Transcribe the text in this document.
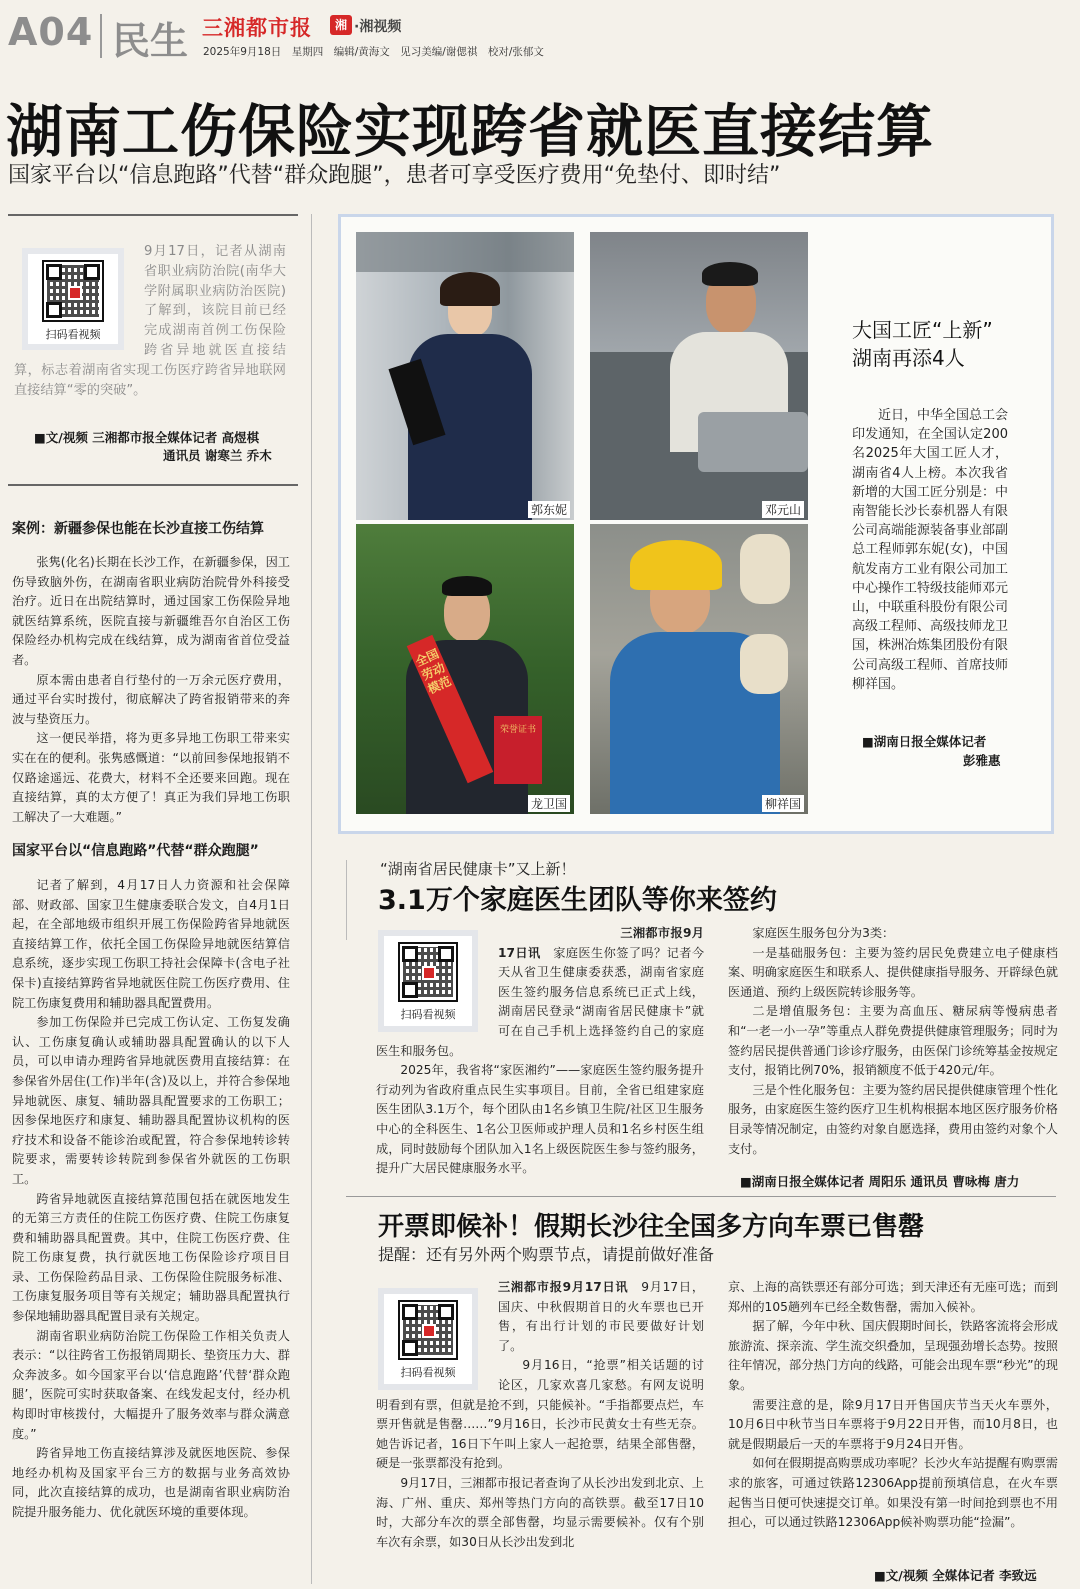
A04 民生 三湘都市报	湘 ·湘视频
2025年9月18日　星期四　编辑/黄海文　见习美编/谢偲祺　校对/张郁文
湖南工伤保险实现跨省就医直接结算
国家平台以“信息跑路”代替“群众跑腿”，患者可享受医疗费用“免垫付、即时结”
扫码看视频
9月17日，记者从湖南省职业病防治院(南华大学附属职业病防治医院)了解到，该院目前已经完成湖南首例工伤保险跨省异地就医直接结算，标志着湖南省实现工伤医疗跨省异地联网直接结算“零的突破”。
■文/视频 三湘都市报全媒体记者 高煜棋
通讯员 谢寒兰 乔木
案例：新疆参保也能在长沙直接工伤结算

张隽(化名)长期在长沙工作，在新疆参保，因工伤导致脑外伤，在湖南省职业病防治院骨外科接受治疗。近日在出院结算时，通过国家工伤保险异地就医结算系统，医院直接与新疆维吾尔自治区工伤保险经办机构完成在线结算，成为湖南省首位受益者。

原本需由患者自行垫付的一万余元医疗费用，通过平台实时拨付，彻底解决了跨省报销带来的奔波与垫资压力。

这一便民举措，将为更多异地工伤职工带来实实在在的便利。张隽感慨道：“以前回参保地报销不仅路途遥远、花费大，材料不全还要来回跑。现在直接结算，真的太方便了！真正为我们异地工伤职工解决了一大难题。”

国家平台以“信息跑路”代替“群众跑腿”

记者了解到，4月17日人力资源和社会保障部、财政部、国家卫生健康委联合发文，自4月1日起，在全部地级市组织开展工伤保险跨省异地就医直接结算工作，依托全国工伤保险异地就医结算信息系统，逐步实现工伤职工持社会保障卡(含电子社保卡)直接结算跨省异地就医住院工伤医疗费用、住院工伤康复费用和辅助器具配置费用。

参加工伤保险并已完成工伤认定、工伤复发确认、工伤康复确认或辅助器具配置确认的以下人员，可以申请办理跨省异地就医费用直接结算：在参保省外居住(工作)半年(含)及以上，并符合参保地异地就医、康复、辅助器具配置要求的工伤职工；因参保地医疗和康复、辅助器具配置协议机构的医疗技术和设备不能诊治或配置，符合参保地转诊转院要求，需要转诊转院到参保省外就医的工伤职工。

跨省异地就医直接结算范围包括在就医地发生的无第三方责任的住院工伤医疗费、住院工伤康复费和辅助器具配置费。其中，住院工伤医疗费、住院工伤康复费，执行就医地工伤保险诊疗项目目录、工伤保险药品目录、工伤保险住院服务标准、工伤康复服务项目等有关规定；辅助器具配置执行参保地辅助器具配置目录有关规定。

湖南省职业病防治院工伤保险工作相关负责人表示：“以往跨省工伤报销周期长、垫资压力大、群众奔波多。如今国家平台以‘信息跑路’代替‘群众跑腿’，医院可实时获取备案、在线发起支付，经办机构即时审核拨付，大幅提升了服务效率与群众满意度。”

跨省异地工伤直接结算涉及就医地医院、参保地经办机构及国家平台三方的数据与业务高效协同，此次直接结算的成功，也是湖南省职业病防治院提升服务能力、优化就医环境的重要体现。

郭东妮	邓元山
全国劳动模范
荣誉证书
龙卫国	柳祥国
大国工匠“上新”
湖南再添4人

近日，中华全国总工会印发通知，在全国认定200名2025年大国工匠人才，湖南省4人上榜。本次我省新增的大国工匠分别是：中南智能长沙长泰机器人有限公司高端能源装备事业部副总工程师郭东妮(女)，中国航发南方工业有限公司加工中心操作工特级技能师邓元山，中联重科股份有限公司高级工程师、高级技师龙卫国，株洲冶炼集团股份有限公司高级工程师、首席技师柳祥国。

■湖南日报全媒体记者
彭雅惠
“湖南省居民健康卡”又上新！
3.1万个家庭医生团队等你来签约
扫码看视频

三湘都市报9月17日讯　 家庭医生你签了吗？记者今天从省卫生健康委获悉，湖南省家庭医生签约服务信息系统已正式上线，湖南居民登录“湖南省居民健康卡”就可在自己手机上选择签约自己的家庭医生和服务包。

2025年，我省将“家医湘约”——家庭医生签约服务提升行动列为省政府重点民生实事项目。目前，全省已组建家庭医生团队3.1万个，每个团队由1名乡镇卫生院/社区卫生服务中心的全科医生、1名公卫医师或护理人员和1名乡村医生组成，同时鼓励每个团队加入1名上级医院医生参与签约服务，提升广大居民健康服务水平。

家庭医生服务包分为3类：

一是基础服务包：主要为签约居民免费建立电子健康档案、明确家庭医生和联系人、提供健康指导服务、开辟绿色就医通道、预约上级医院转诊服务等。

二是增值服务包：主要为高血压、糖尿病等慢病患者和“一老一小一孕”等重点人群免费提供健康管理服务；同时为签约居民提供普通门诊诊疗服务，由医保门诊统筹基金按规定支付，报销比例70%，报销额度不低于420元/年。

三是个性化服务包：主要为签约居民提供健康管理个性化服务，由家庭医生签约医疗卫生机构根据本地区医疗服务价格目录等情况制定，由签约对象自愿选择，费用由签约对象个人支付。

■湖南日报全媒体记者 周阳乐 通讯员 曹咏梅 唐力
开票即候补！假期长沙往全国多方向车票已售罄
提醒：还有另外两个购票节点，请提前做好准备
扫码看视频

三湘都市报9月17日讯　 9月17日，国庆、中秋假期首日的火车票也已开售，有出行计划的市民要做好计划了。

9月16日，“抢票”相关话题的讨论区，几家欢喜几家愁。有网友说明明看到有票，但就是抢不到，只能候补。“手指都要点烂，车票开售就是售罄……”9月16日，长沙市民黄女士有些无奈。她告诉记者，16日下午叫上家人一起抢票，结果全部售罄，硬是一张票都没有抢到。

9月17日，三湘都市报记者查询了从长沙出发到北京、上海、广州、重庆、郑州等热门方向的高铁票。截至17日10时，大部分车次的票全部售罄，均显示需要候补。仅有个别车次有余票，如30日从长沙出发到北

京、上海的高铁票还有部分可选；到天津还有无座可选；而到郑州的105趟列车已经全数售罄，需加入候补。

据了解，今年中秋、国庆假期时间长，铁路客流将会形成旅游流、探亲流、学生流交织叠加，呈现强劲增长态势。按照往年情况，部分热门方向的线路，可能会出现车票“秒光”的现象。

需要注意的是，除9月17日开售国庆节当天火车票外，10月6日中秋节当日车票将于9月22日开售，而10月8日，也就是假期最后一天的车票将于9月24日开售。

如何在假期提高购票成功率呢？长沙火车站提醒有购票需求的旅客，可通过铁路12306App提前预填信息，在火车票起售当日便可快速提交订单。如果没有第一时间抢到票也不用担心，可以通过铁路12306App候补购票功能“捡漏”。

■文/视频 全媒体记者 李致远
